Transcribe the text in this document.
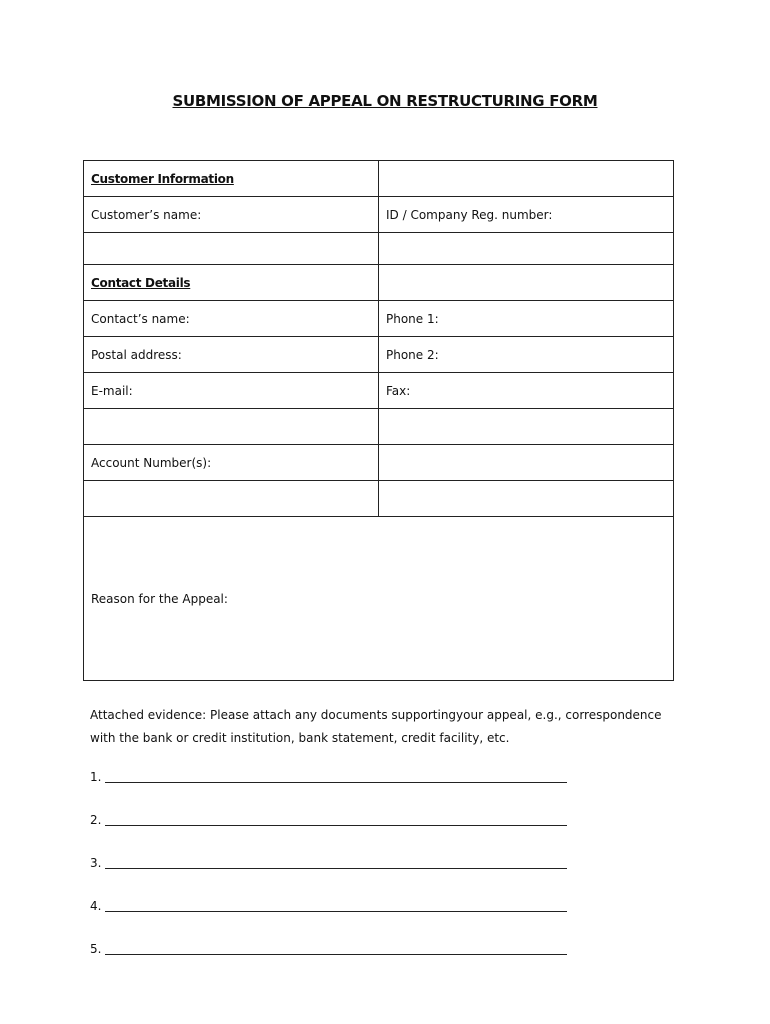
SUBMISSION OF APPEAL ON RESTRUCTURING FORM
Customer Information	
Customer’s name:	ID / Company Reg. number:

Contact Details	
Contact’s name:	Phone 1:
Postal address:	Phone 2:
E-mail:	Fax:

Account Number(s):	

Reason for the Appeal:	
Attached evidence: Please attach any documents supportingyour appeal, e.g., correspondence with the bank or credit institution, bank statement, credit facility, etc.
1.
2.
3.
4.
5.
